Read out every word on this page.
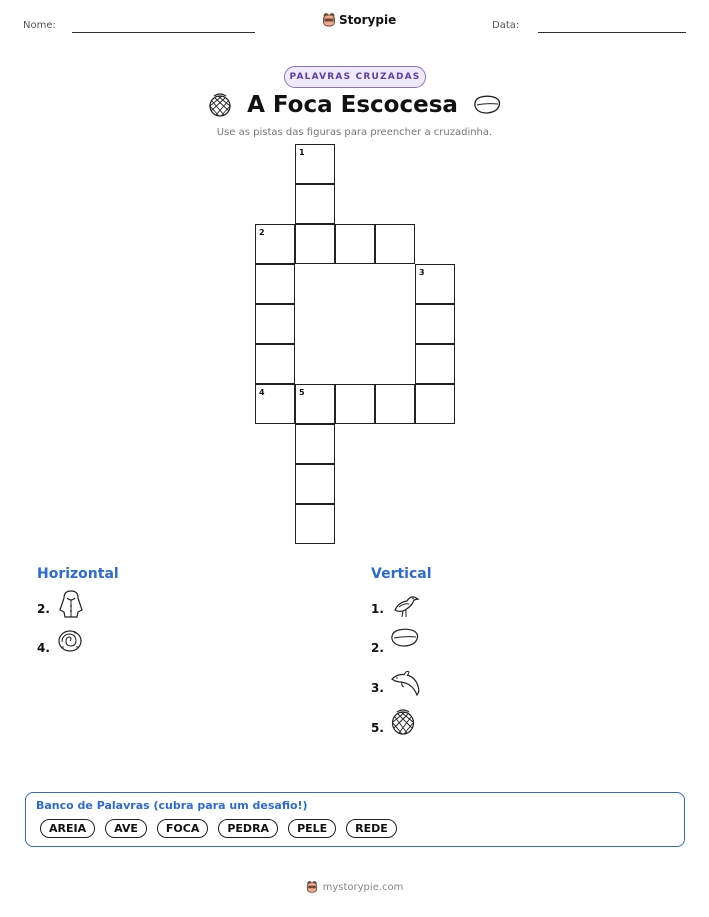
Nome:	Data:
Storypie
PALAVRAS CRUZADAS
A Foca Escocesa
Use as pistas das figuras para preencher a cruzadinha.
1
2
3
4	5
Horizontal
2.
4.
Vertical
1.
2.
3.
5.
Banco de Palavras (cubra para um desafio!)
AREIA	AVE	FOCA	PEDRA	PELE	REDE
mystorypie.com
